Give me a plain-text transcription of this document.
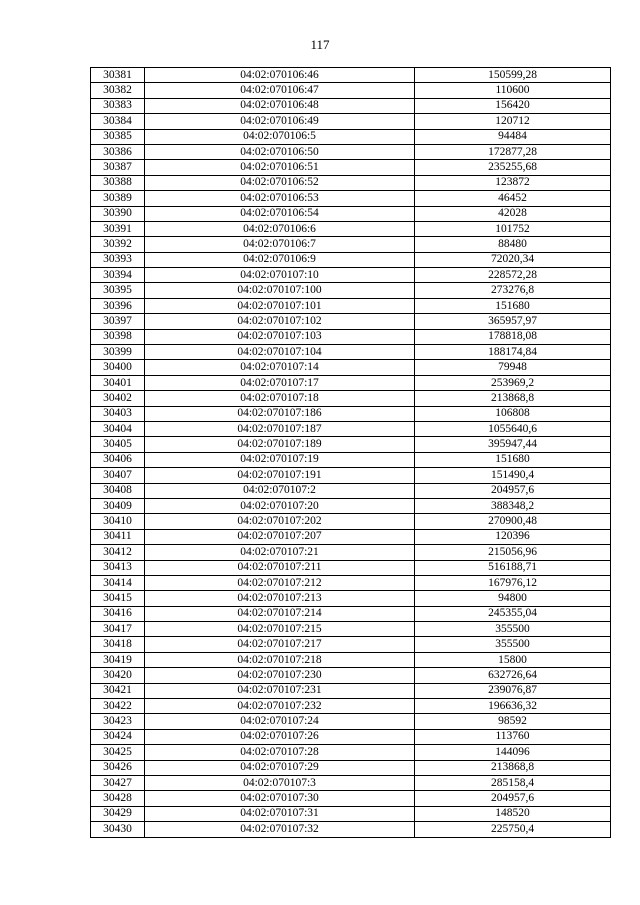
117
30381	04:02:070106:46	150599,28
30382	04:02:070106:47	110600
30383	04:02:070106:48	156420
30384	04:02:070106:49	120712
30385	04:02:070106:5	94484
30386	04:02:070106:50	172877,28
30387	04:02:070106:51	235255,68
30388	04:02:070106:52	123872
30389	04:02:070106:53	46452
30390	04:02:070106:54	42028
30391	04:02:070106:6	101752
30392	04:02:070106:7	88480
30393	04:02:070106:9	72020,34
30394	04:02:070107:10	228572,28
30395	04:02:070107:100	273276,8
30396	04:02:070107:101	151680
30397	04:02:070107:102	365957,97
30398	04:02:070107:103	178818,08
30399	04:02:070107:104	188174,84
30400	04:02:070107:14	79948
30401	04:02:070107:17	253969,2
30402	04:02:070107:18	213868,8
30403	04:02:070107:186	106808
30404	04:02:070107:187	1055640,6
30405	04:02:070107:189	395947,44
30406	04:02:070107:19	151680
30407	04:02:070107:191	151490,4
30408	04:02:070107:2	204957,6
30409	04:02:070107:20	388348,2
30410	04:02:070107:202	270900,48
30411	04:02:070107:207	120396
30412	04:02:070107:21	215056,96
30413	04:02:070107:211	516188,71
30414	04:02:070107:212	167976,12
30415	04:02:070107:213	94800
30416	04:02:070107:214	245355,04
30417	04:02:070107:215	355500
30418	04:02:070107:217	355500
30419	04:02:070107:218	15800
30420	04:02:070107:230	632726,64
30421	04:02:070107:231	239076,87
30422	04:02:070107:232	196636,32
30423	04:02:070107:24	98592
30424	04:02:070107:26	113760
30425	04:02:070107:28	144096
30426	04:02:070107:29	213868,8
30427	04:02:070107:3	285158,4
30428	04:02:070107:30	204957,6
30429	04:02:070107:31	148520
30430	04:02:070107:32	225750,4
